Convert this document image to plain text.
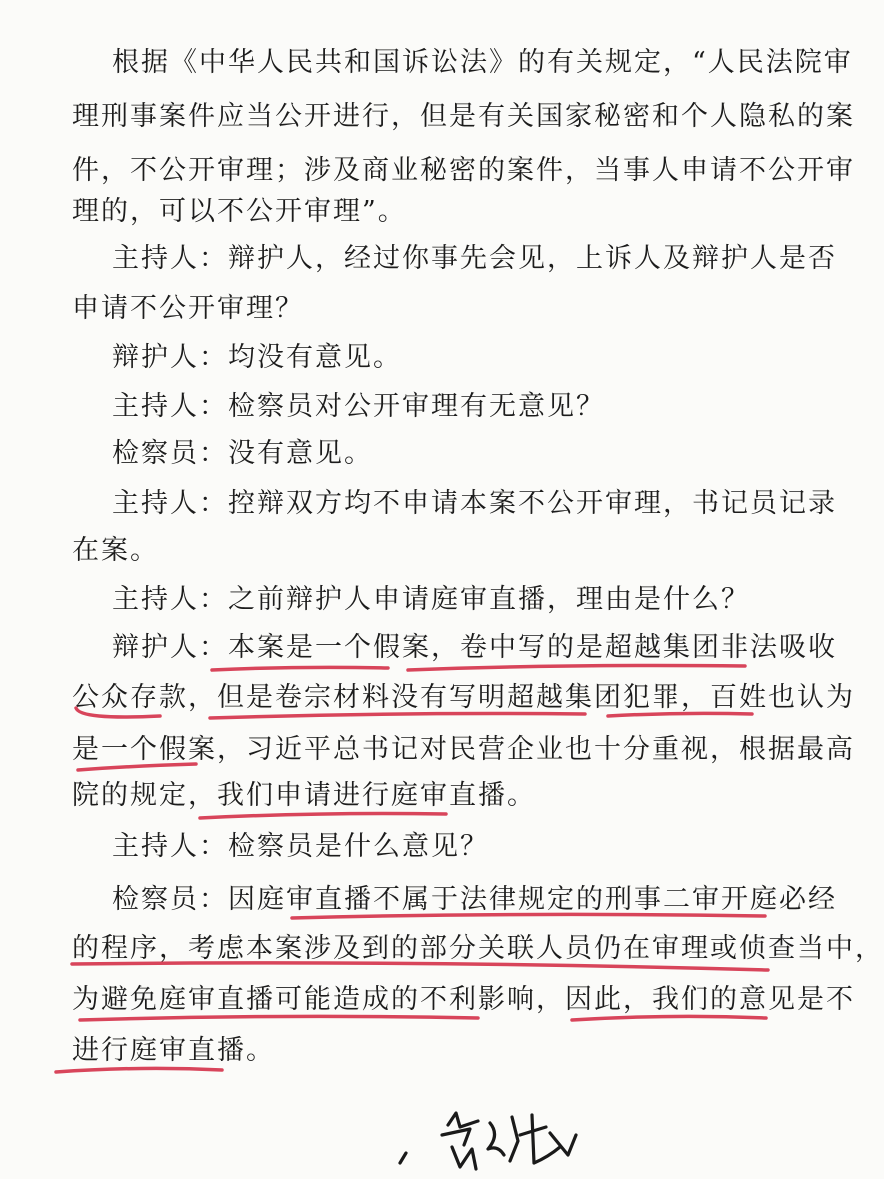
根据《中华人民共和国诉讼法》的有关规定，“人民法院审
理刑事案件应当公开进行，但是有关国家秘密和个人隐私的案
件，不公开审理；涉及商业秘密的案件，当事人申请不公开审
理的，可以不公开审理”。
主持人：辩护人，经过你事先会见，上诉人及辩护人是否
申请不公开审理？
辩护人：均没有意见。
主持人：检察员对公开审理有无意见？
检察员：没有意见。
主持人：控辩双方均不申请本案不公开审理，书记员记录
在案。
主持人：之前辩护人申请庭审直播，理由是什么？
辩护人：本案是一个假案，卷中写的是超越集团非法吸收
公众存款，但是卷宗材料没有写明超越集团犯罪，百姓也认为
是一个假案，习近平总书记对民营企业也十分重视，根据最高
院的规定，我们申请进行庭审直播。
主持人：检察员是什么意见？
检察员：因庭审直播不属于法律规定的刑事二审开庭必经
的程序，考虑本案涉及到的部分关联人员仍在审理或侦查当中，
为避免庭审直播可能造成的不利影响，因此，我们的意见是不
进行庭审直播。
